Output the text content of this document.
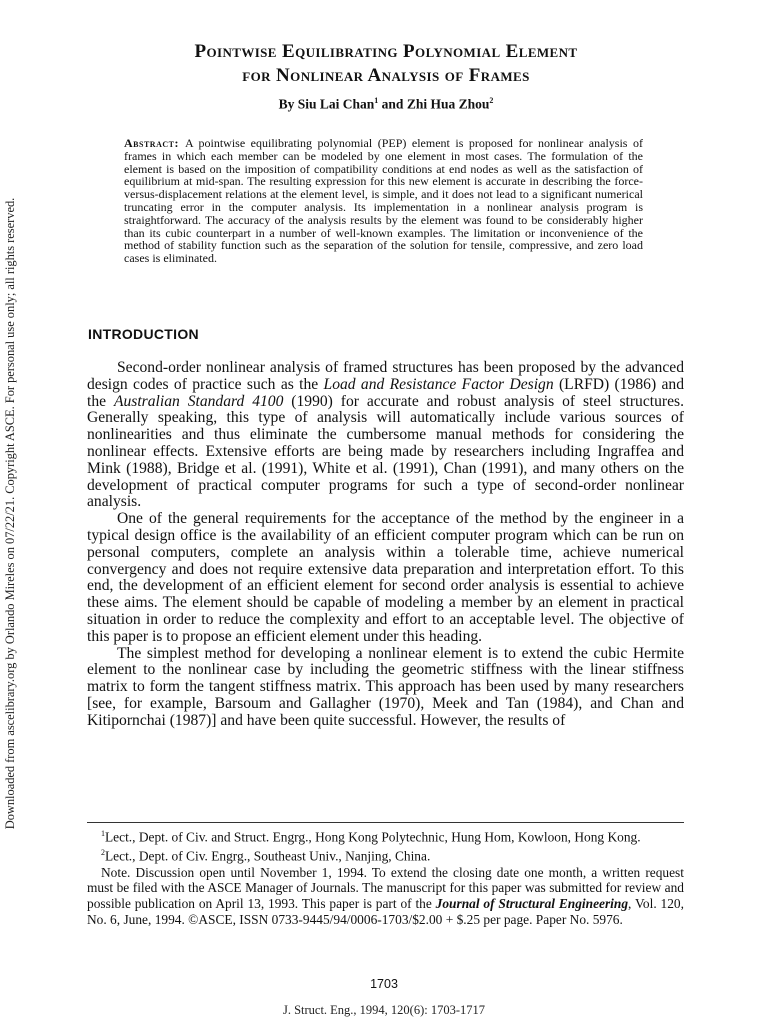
Downloaded from ascelibrary.org by Orlando Mireles on 07/22/21. Copyright ASCE. For personal use only; all rights reserved.
Pointwise Equilibrating Polynomial Element
for Nonlinear Analysis of Frames
By Siu Lai Chan$^1$ and Zhi Hua Zhou$^2$
Abstract: A pointwise equilibrating polynomial (PEP) element is proposed for nonlinear analysis of frames in which each member can be modeled by one element in most cases. The formulation of the element is based on the imposition of compatibility conditions at end nodes as well as the satisfaction of equilibrium at mid-span. The resulting expression for this new element is accurate in describing the force-versus-displacement relations at the element level, is simple, and it does not lead to a significant numerical truncating error in the computer analysis. Its implementation in a nonlinear analysis program is straightforward. The accuracy of the analysis results by the element was found to be considerably higher than its cubic counterpart in a number of well-known examples. The limitation or inconvenience of the method of stability function such as the separation of the solution for tensile, compressive, and zero load cases is eliminated.
INTRODUCTION

Second-order nonlinear analysis of framed structures has been proposed by the advanced design codes of practice such as the Load and Resistance Factor Design (LRFD) (1986) and the Australian Standard 4100 (1990) for accurate and robust analysis of steel structures. Generally speaking, this type of analysis will automatically include various sources of nonlinearities and thus eliminate the cumbersome manual methods for considering the nonlinear effects. Extensive efforts are being made by researchers including Ingraffea and Mink (1988), Bridge et al. (1991), White et al. (1991), Chan (1991), and many others on the development of practical computer programs for such a type of second-order nonlinear analysis.

One of the general requirements for the acceptance of the method by the engineer in a typical design office is the availability of an efficient computer program which can be run on personal computers, complete an analysis within a tolerable time, achieve numerical convergency and does not require extensive data preparation and interpretation effort. To this end, the development of an efficient element for second order analysis is essential to achieve these aims. The element should be capable of modeling a member by an element in practical situation in order to reduce the complexity and effort to an acceptable level. The objective of this paper is to propose an efficient element under this heading.

The simplest method for developing a nonlinear element is to extend the cubic Hermite element to the nonlinear case by including the geometric stiffness with the linear stiffness matrix to form the tangent stiffness matrix. This approach has been used by many researchers [see, for example, Barsoum and Gallagher (1970), Meek and Tan (1984), and Chan and Kitipornchai (1987)] and have been quite successful. However, the results of

$^1$Lect., Dept. of Civ. and Struct. Engrg., Hong Kong Polytechnic, Hung Hom, Kowloon, Hong Kong.

$^2$Lect., Dept. of Civ. Engrg., Southeast Univ., Nanjing, China.

Note. Discussion open until November 1, 1994. To extend the closing date one month, a written request must be filed with the ASCE Manager of Journals. The manuscript for this paper was submitted for review and possible publication on April 13, 1993. This paper is part of the Journal of Structural Engineering, Vol. 120, No. 6, June, 1994. ©ASCE, ISSN 0733-9445/94/0006-1703/$2.00 + $.25 per page. Paper No. 5976.

1703
J. Struct. Eng., 1994, 120(6): 1703-1717
